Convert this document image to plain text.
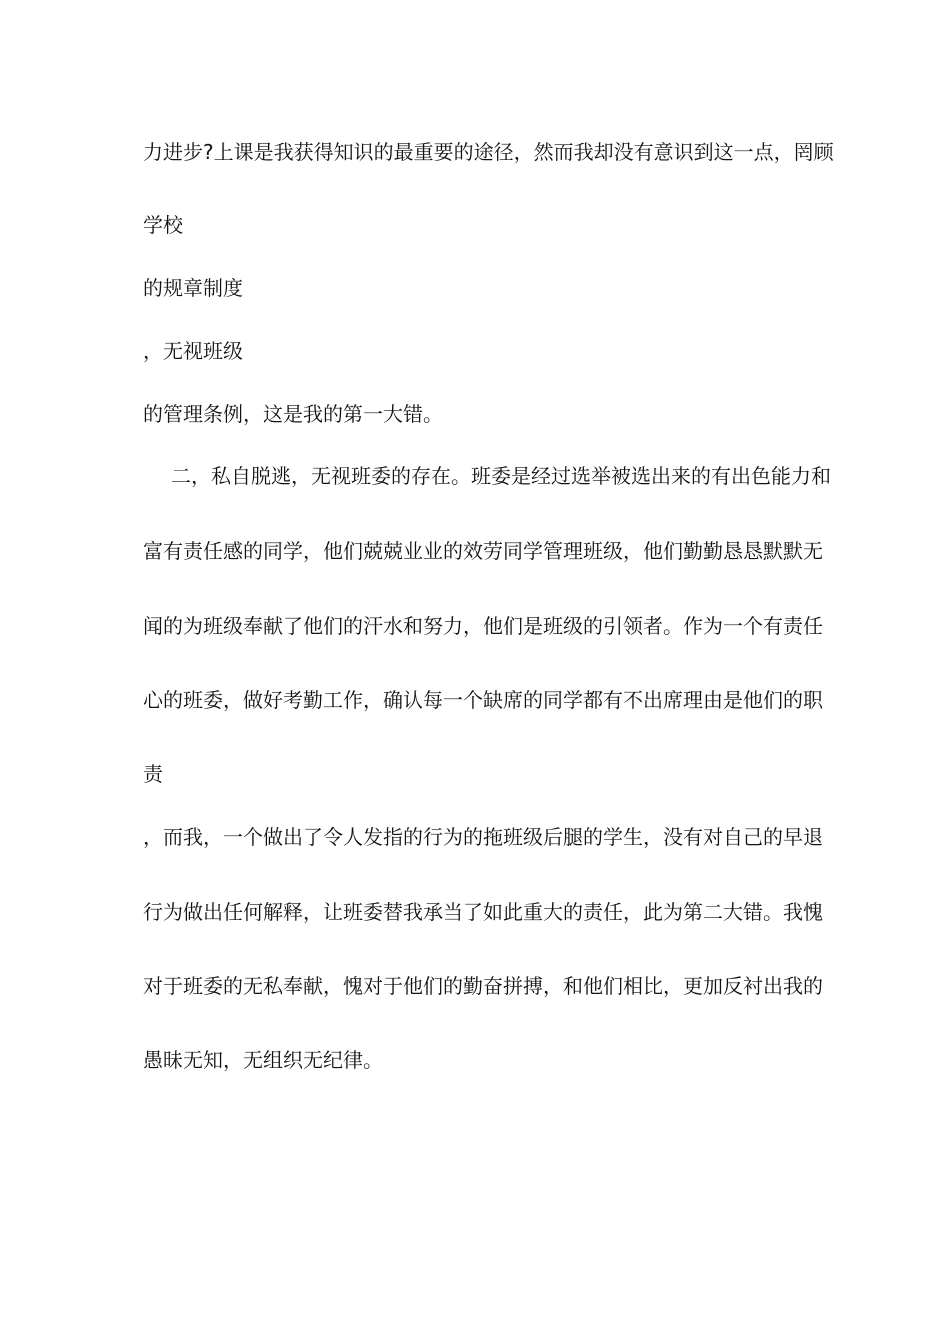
力进步?上课是我获得知识的最重要的途径，然而我却没有意识到这一点，罔顾
学校
的规章制度
，无视班级
的管理条例，这是我的第一大错。
二，私自脱逃，无视班委的存在。班委是经过选举被选出来的有出色能力和
富有责任感的同学，他们兢兢业业的效劳同学管理班级，他们勤勤恳恳默默无
闻的为班级奉献了他们的汗水和努力，他们是班级的引领者。作为一个有责任
心的班委，做好考勤工作，确认每一个缺席的同学都有不出席理由是他们的职
责
，而我，一个做出了令人发指的行为的拖班级后腿的学生，没有对自己的早退
行为做出任何解释，让班委替我承当了如此重大的责任，此为第二大错。我愧
对于班委的无私奉献，愧对于他们的勤奋拼搏，和他们相比，更加反衬出我的
愚昧无知，无组织无纪律。
